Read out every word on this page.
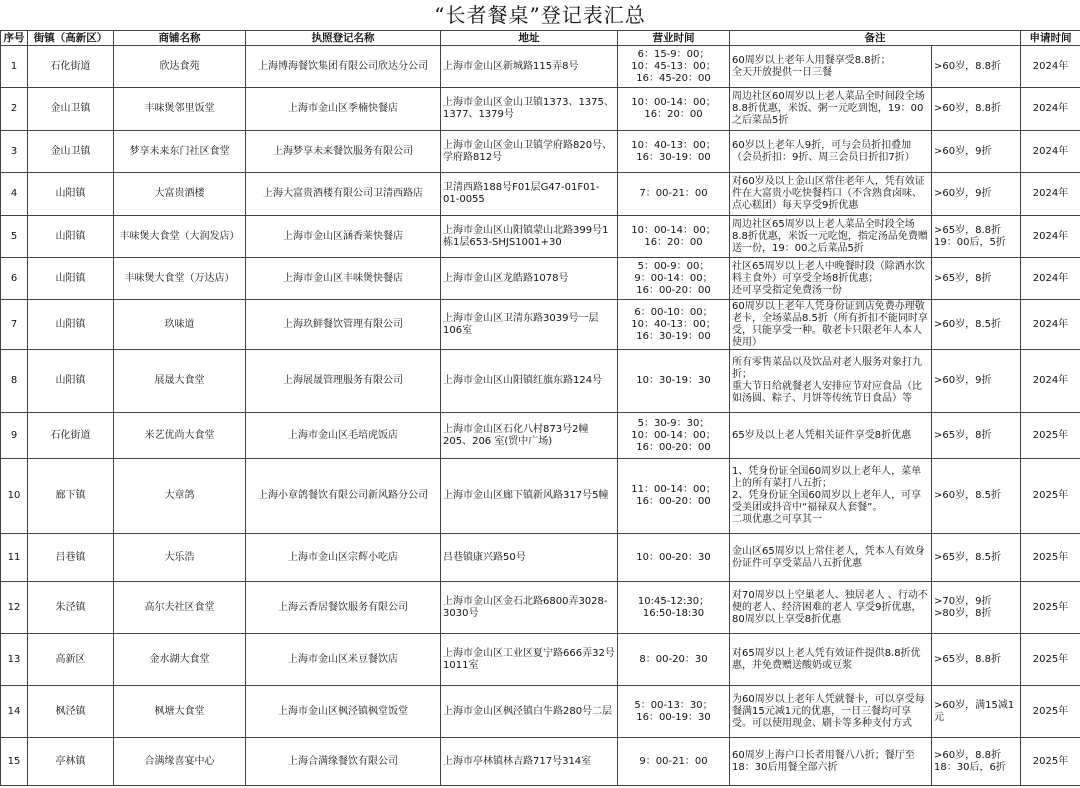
“长者餐桌”登记表汇总
序号	街镇（高新区）	商铺名称	执照登记名称	地址	营业时间	备注		申请时间
1	石化街道	欣达食苑	上海博海餐饮集团有限公司欣达分公司	上海市金山区新城路115弄8号	6：15-9：00；
10：45-13：00；
16：45-20：00	60周岁以上老年人用餐享受8.8折；
全天开放提供一日三餐	>60岁，8.8折	2024年
2	金山卫镇	丰味煲邻里饭堂	上海市金山区季楠快餐店	上海市金山区金山卫镇1373、1375、1377、1379号	10：00-14：00；
16：20：00	周边社区60周岁以上老人菜品全时间段全场8.8折优惠，米饭、粥一元吃到饱，19：00之后菜品5折	>60岁，8.8折	2024年
3	金山卫镇	梦享未来东门社区食堂	上海梦享未来餐饮服务有限公司	上海市金山区金山卫镇学府路820号、学府路812号	10：40-13：00；
16：30-19：00	60岁以上老年人9折，可与会员折扣叠加（会员折扣：9折、周三会员日折扣7折）	>60岁，9折	2024年
4	山阳镇	大富贵酒楼	上海大富贵酒楼有限公司卫清西路店	卫清西路188号F01层G47-01F01-01-0055	7：00-21：00	对60岁及以上金山区常住老年人，凭有效证件在大富贵小吃快餐档口（不含熟食卤味、点心糕团）每天享受9折优惠	>60岁，9折	2024年
5	山阳镇	丰味煲大食堂（大润发店）	上海市金山区涵香莱快餐店	上海市金山区山阳镇蒙山北路399号1栋1层653-SHJS1001+30	10：00-14：00；
16：20：00	周边社区65周岁以上老人菜品全时段全场8.8折优惠，米饭一元吃饱，指定汤品免费赠送一份，19：00之后菜品5折	>65岁，8.8折
19：00后，5折	2024年
6	山阳镇	丰味煲大食堂（万达店）	上海市金山区丰味煲快餐店	上海市金山区龙皓路1078号	5：00-9：00；
9：00-14：00；
16：00-20：00	社区65周岁以上老人中晚餐时段（除酒水饮料主食外）可享受全场8折优惠；
还可享受指定免费汤一份	>65岁，8折	2024年
7	山阳镇	玖味道	上海玖鲜餐饮管理有限公司	上海市金山区卫清东路3039号一层106室	6：00-10：00；
10：40-13：00；
16：30-19：00	60周岁以上老年人凭身份证到店免费办理敬老卡，全场菜品8.5折（所有折扣不能同时享受，只能享受一种。敬老卡只限老年人本人使用）	>60岁，8.5折	2024年
8	山阳镇	展晟大食堂	上海展晟管理服务有限公司	上海市金山区山阳镇红旗东路124号	10：30-19：30	所有零售菜品以及饮品对老人服务对象打九折；
重大节日给就餐老人安排应节对应食品（比如汤圆、粽子、月饼等传统节日食品）等	>60岁，9折	2024年
9	石化街道	米艺优尚大食堂	上海市金山区毛培虎饭店	上海市金山区石化八村873号2幢205、206 室(贸中广场)	5：30-9：30；
10：00-14：00；
16：00-20：00	65岁及以上老人凭相关证件享受8折优惠	>65岁，8折	2025年
10	廊下镇	大章鸽	上海小章鸽餐饮有限公司新风路分公司	上海市金山区廊下镇新风路317号5幢	11：00-14：00；
16：00-20：00	1、凭身份证全国60周岁以上老年人，菜单上的所有菜打八五折；
2、凭身份证全国60周岁以上老年人，可享受美团或抖音中“福禄双人套餐”。
二项优惠之可享其一	>60岁，8.5折	2025年
11	吕巷镇	大乐浩	上海市金山区宗辉小吃店	吕巷镇康兴路50号	10：00-20：30	金山区65周岁以上常住老人，凭本人有效身份证件可享受菜品八五折优惠	>65岁，8.5折	2025年
12	朱泾镇	高尔夫社区食堂	上海云香居餐饮服务有限公司	上海市金山区金石北路6800弄3028-3030号	10:45-12:30；
16:50-18:30	对70周岁以上空巢老人、独居老人 、行动不便的老人、经济困难的老人 享受9折优惠，80周岁以上享受8折优惠	>70岁，9折
>80岁，8折	2025年
13	高新区	金水湖大食堂	上海市金山区米豆餐饮店	上海市金山区工业区夏宁路666弄32号1011室	8：00-20：30	对65周岁以上老人凭有效证件提供8.8折优惠，并免费赠送酸奶或豆浆	>65岁，8.8折	2025年
14	枫泾镇	枫塘大食堂	上海市金山区枫泾镇枫堂饭堂	上海市金山区枫泾镇白牛路280号二层	5：00-13：30；
16：00-19：30	为60周岁以上老年人凭就餐卡，可以享受每餐满15元减1元的优惠，一日三餐均可享受。可以使用现金、刷卡等多种支付方式	>60岁，满15减1元	2025年
15	亭林镇	合满缘喜宴中心	上海合满缘餐饮有限公司	上海市亭林镇林吉路717号314室	9：00-21：00	60周岁上海户口长者用餐八八折；餐厅至18：30后用餐全部六折	>60岁，8.8折
18：30后，6折	2025年
